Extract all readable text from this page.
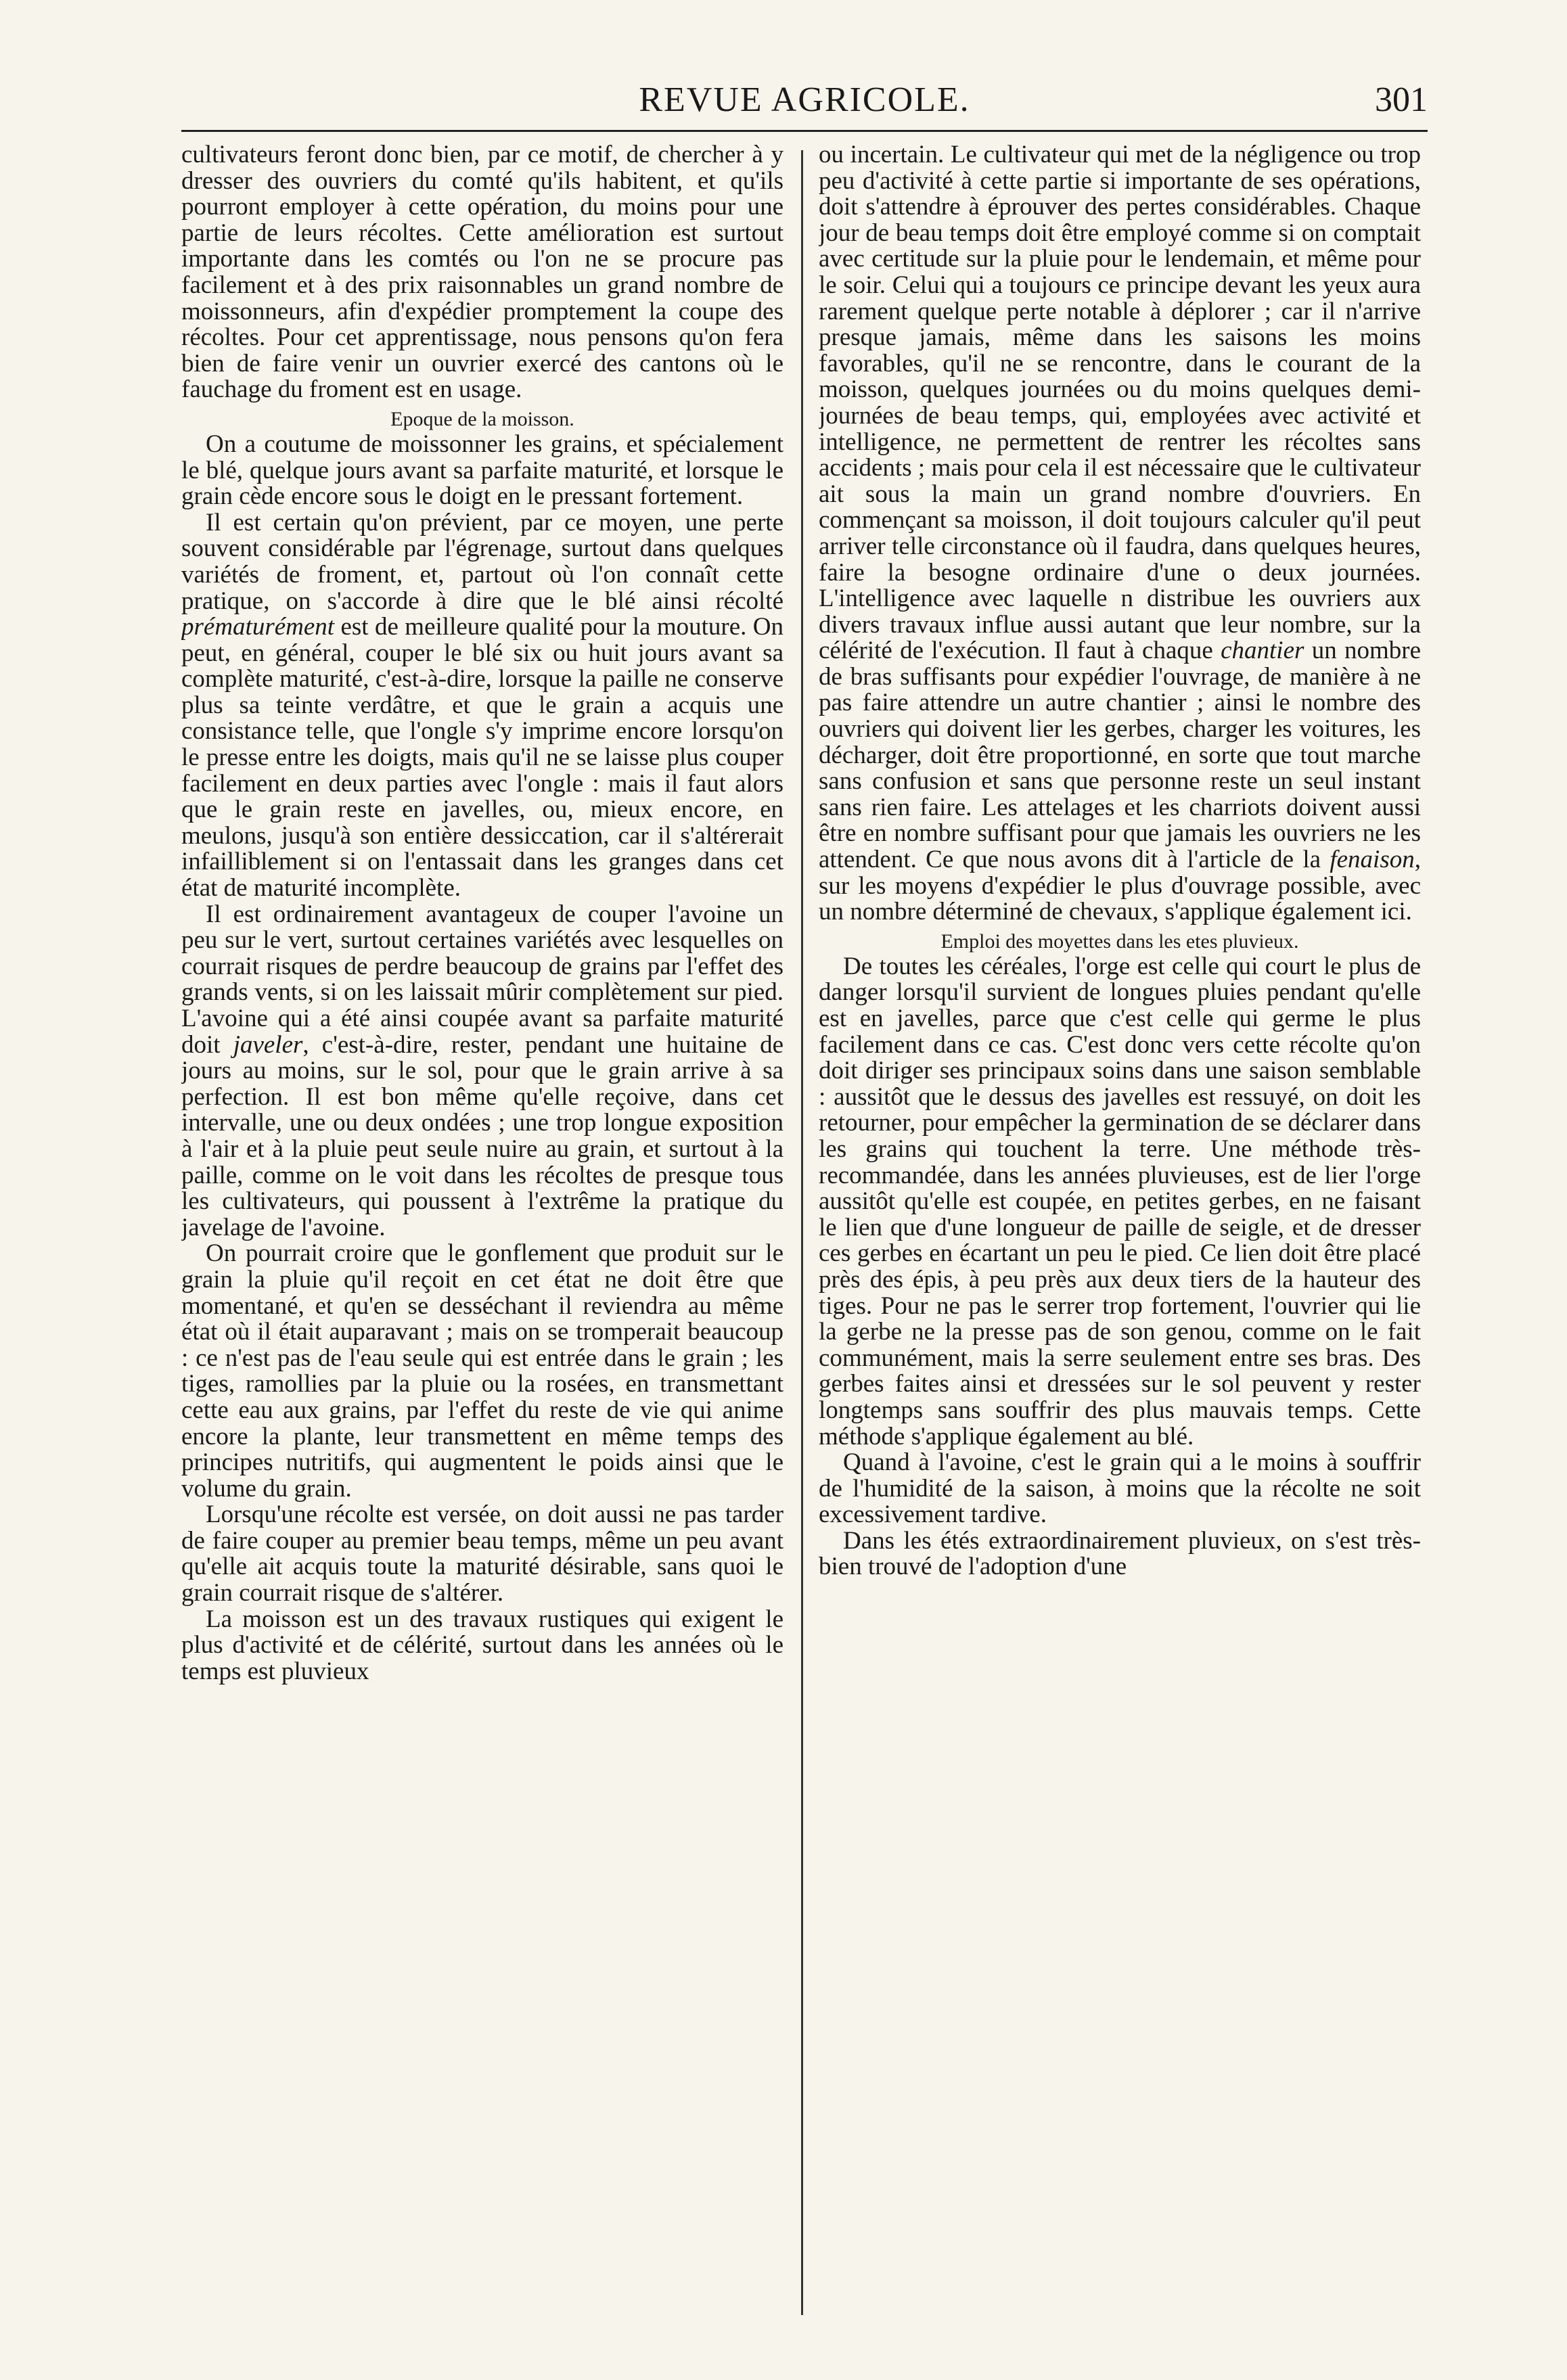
REVUE AGRICOLE.	301

cultivateurs feront donc bien, par ce motif, de chercher à y dresser des ouvriers du comté qu'ils habitent, et qu'ils pourront employer à cette opération, du moins pour une partie de leurs récoltes. Cette amélioration est surtout importante dans les comtés ou l'on ne se procure pas facilement et à des prix raisonnables un grand nombre de moissonneurs, afin d'expédier promptement la coupe des récoltes. Pour cet apprentissage, nous pensons qu'on fera bien de faire venir un ouvrier exercé des cantons où le fauchage du froment est en usage.

Epoque de la moisson.

On a coutume de moissonner les grains, et spécialement le blé, quelque jours avant sa parfaite maturité, et lorsque le grain cède encore sous le doigt en le pressant fortement.

Il est certain qu'on prévient, par ce moyen, une perte souvent considérable par l'égrenage, surtout dans quelques variétés de froment, et, partout où l'on connaît cette pratique, on s'accorde à dire que le blé ainsi récolté prématurément est de meilleure qualité pour la mouture. On peut, en général, couper le blé six ou huit jours avant sa complète maturité, c'est-à-dire, lorsque la paille ne conserve plus sa teinte verdâtre, et que le grain a acquis une consistance telle, que l'ongle s'y imprime encore lorsqu'on le presse entre les doigts, mais qu'il ne se laisse plus couper facilement en deux parties avec l'ongle : mais il faut alors que le grain reste en javelles, ou, mieux encore, en meulons, jusqu'à son entière dessiccation, car il s'altérerait infailliblement si on l'entassait dans les granges dans cet état de maturité incomplète.

Il est ordinairement avantageux de couper l'avoine un peu sur le vert, surtout certaines variétés avec lesquelles on courrait risques de perdre beaucoup de grains par l'effet des grands vents, si on les laissait mûrir complètement sur pied. L'avoine qui a été ainsi coupée avant sa parfaite maturité doit javeler, c'est-à-dire, rester, pendant une huitaine de jours au moins, sur le sol, pour que le grain arrive à sa perfection. Il est bon même qu'elle reçoive, dans cet intervalle, une ou deux ondées ; une trop longue exposition à l'air et à la pluie peut seule nuire au grain, et surtout à la paille, comme on le voit dans les récoltes de presque tous les cultivateurs, qui poussent à l'extrême la pratique du javelage de l'avoine.

On pourrait croire que le gonflement que produit sur le grain la pluie qu'il reçoit en cet état ne doit être que momentané, et qu'en se desséchant il reviendra au même état où il était auparavant ; mais on se tromperait beaucoup : ce n'est pas de l'eau seule qui est entrée dans le grain ; les tiges, ramollies par la pluie ou la rosées, en transmettant cette eau aux grains, par l'effet du reste de vie qui anime encore la plante, leur transmettent en même temps des principes nutritifs, qui augmentent le poids ainsi que le volume du grain.

Lorsqu'une récolte est versée, on doit aussi ne pas tarder de faire couper au premier beau temps, même un peu avant qu'elle ait acquis toute la maturité désirable, sans quoi le grain courrait risque de s'altérer.

La moisson est un des travaux rustiques qui exigent le plus d'activité et de célérité, surtout dans les années où le temps est pluvieux

ou incertain. Le cultivateur qui met de la négligence ou trop peu d'activité à cette partie si importante de ses opérations, doit s'attendre à éprouver des pertes considérables. Chaque jour de beau temps doit être employé comme si on comptait avec certitude sur la pluie pour le lendemain, et même pour le soir. Celui qui a toujours ce principe devant les yeux aura rarement quelque perte notable à déplorer ; car il n'arrive presque jamais, même dans les saisons les moins favorables, qu'il ne se rencontre, dans le courant de la moisson, quelques journées ou du moins quelques demi-journées de beau temps, qui, employées avec activité et intelligence, ne permettent de rentrer les récoltes sans accidents ; mais pour cela il est nécessaire que le cultivateur ait sous la main un grand nombre d'ouvriers. En commençant sa moisson, il doit toujours calculer qu'il peut arriver telle circonstance où il faudra, dans quelques heures, faire la besogne ordinaire d'une o deux journées. L'intelligence avec laquelle n distribue les ouvriers aux divers travaux influe aussi autant que leur nombre, sur la célérité de l'exécution. Il faut à chaque chantier un nombre de bras suffisants pour expédier l'ouvrage, de manière à ne pas faire attendre un autre chantier ; ainsi le nombre des ouvriers qui doivent lier les gerbes, charger les voitures, les décharger, doit être proportionné, en sorte que tout marche sans confusion et sans que personne reste un seul instant sans rien faire. Les attelages et les charriots doivent aussi être en nombre suffisant pour que jamais les ouvriers ne les attendent. Ce que nous avons dit à l'article de la fenaison, sur les moyens d'expédier le plus d'ouvrage possible, avec un nombre déterminé de chevaux, s'applique également ici.

Emploi des moyettes dans les etes pluvieux.

De toutes les céréales, l'orge est celle qui court le plus de danger lorsqu'il survient de longues pluies pendant qu'elle est en javelles, parce que c'est celle qui germe le plus facilement dans ce cas. C'est donc vers cette récolte qu'on doit diriger ses principaux soins dans une saison semblable : aussitôt que le dessus des javelles est ressuyé, on doit les retourner, pour empêcher la germination de se déclarer dans les grains qui touchent la terre. Une méthode très-recommandée, dans les années pluvieuses, est de lier l'orge aussitôt qu'elle est coupée, en petites gerbes, en ne faisant le lien que d'une longueur de paille de seigle, et de dresser ces gerbes en écartant un peu le pied. Ce lien doit être placé près des épis, à peu près aux deux tiers de la hauteur des tiges. Pour ne pas le serrer trop fortement, l'ouvrier qui lie la gerbe ne la presse pas de son genou, comme on le fait communément, mais la serre seulement entre ses bras. Des gerbes faites ainsi et dressées sur le sol peuvent y rester longtemps sans souffrir des plus mauvais temps. Cette méthode s'applique également au blé.

Quand à l'avoine, c'est le grain qui a le moins à souffrir de l'humidité de la saison, à moins que la récolte ne soit excessivement tardive.

Dans les étés extraordinairement pluvieux, on s'est très-bien trouvé de l'adoption d'une
